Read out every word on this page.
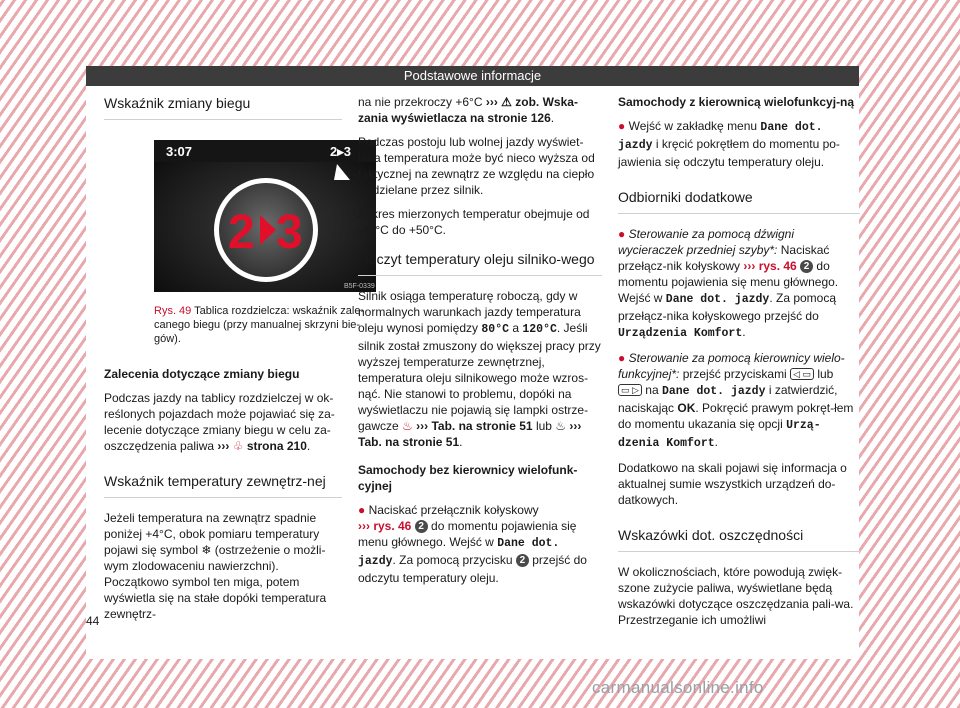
Podstawowe informacje
Wskaźnik zmiany biegu
3:07	2▸3
2 3
B5F-0339
Rys. 49 Tablica rozdzielcza: wskaźnik zale-canego biegu (przy manualnej skrzyni bie-gów).

Zalecenia dotyczące zmiany biegu

Podczas jazdy na tablicy rozdzielczej w ok-reślonych pojazdach może pojawiać się za-lecenie dotyczące zmiany biegu w celu za-oszczędzenia paliwa ››› ♧ strona 210.

Wskaźnik temperatury zewnętrz-nej

Jeżeli temperatura na zewnątrz spadnie poniżej +4°C, obok pomiaru temperatury pojawi się symbol ❄ (ostrzeżenie o możli-wym zlodowaceniu nawierzchni). Początkowo symbol ten miga, potem wyświetla się na stałe dopóki temperatura zewnętrz-

na nie przekroczy +6°C ››› ⚠ zob. Wska-zania wyświetlacza na stronie 126.

Podczas postoju lub wolnej jazdy wyświet-lana temperatura może być nieco wyższa od faktycznej na zewnątrz ze względu na ciepło wydzielane przez silnik.

Zakres mierzonych temperatur obejmuje od -40°C do +50°C.

Odczyt temperatury oleju silniko-wego

Silnik osiąga temperaturę roboczą, gdy w normalnych warunkach jazdy temperatura oleju wynosi pomiędzy 80°C a 120°C. Jeśli silnik został zmuszony do większej pracy przy wyższej temperaturze zewnętrznej, temperatura oleju silnikowego może wzros-nąć. Nie stanowi to problemu, dopóki na wyświetlaczu nie pojawią się lampki ostrze-gawcze ♨ ››› Tab. na stronie 51 lub ♨ ››› Tab. na stronie 51.

Samochody bez kierownicy wielofunk-cyjnej

● Naciskać przełącznik kołyskowy
››› rys. 46 2 do momentu pojawienia się menu głównego. Wejść w Dane dot. jazdy. Za pomocą przycisku 2 przejść do odczytu temperatury oleju.

Samochody z kierownicą wielofunkcyj-ną

● Wejść w zakładkę menu Dane dot. jazdy i kręcić pokrętłem do momentu po-jawienia się odczytu temperatury oleju.

Odbiorniki dodatkowe

● Sterowanie za pomocą dźwigni wycieraczek przedniej szyby*: Naciskać przełącz-nik kołyskowy ››› rys. 46 2 do momentu pojawienia się menu głównego. Wejść w Dane dot. jazdy. Za pomocą przełącz-nika kołyskowego przejść do Urządzenia Komfort.

● Sterowanie za pomocą kierownicy wielo-funkcyjnej*: przejść przyciskami ◁ ▭ lub ▭ ▷ na Dane dot. jazdy i zatwierdzić, naciskając OK. Pokręcić prawym pokręt-łem do momentu ukazania się opcji Urzą-dzenia Komfort.

Dodatkowo na skali pojawi się informacja o aktualnej sumie wszystkich urządzeń do-datkowych.

Wskazówki dot. oszczędności

W okolicznościach, które powodują zwięk-szone zużycie paliwa, wyświetlane będą wskazówki dotyczące oszczędzania pali-wa. Przestrzeganie ich umożliwi

44
carmanualsonline.info
